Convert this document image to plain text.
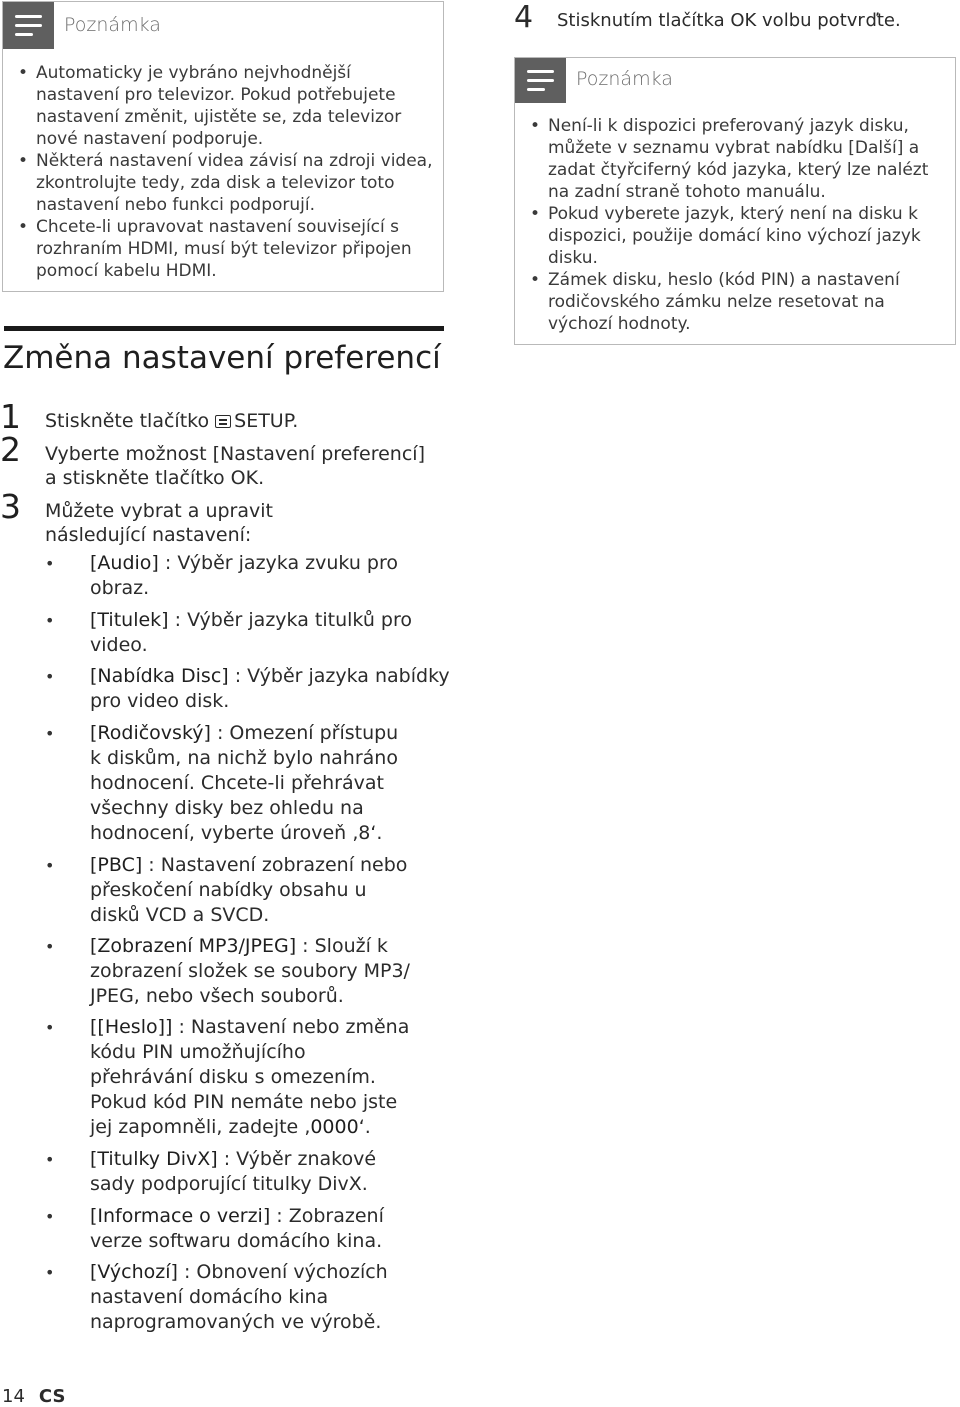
Poznámka
• Automaticky je vybráno nejvhodnější nastavení pro televizor. Pokud potřebujete nastavení změnit, ujistěte se, zda televizor nové nastavení podporuje.
• Některá nastavení videa závisí na zdroji videa, zkontrolujte tedy, zda disk a televizor toto nastavení nebo funkci podporují.
• Chcete-li upravovat nastavení související s rozhraním HDMI, musí být televizor připojen pomocí kabelu HDMI.
Změna nastavení preferencí
1 Stiskněte tlačítko SETUP.
2 Vyberte možnost [Nastavení preferencí] a stiskněte tlačítko OK.
3 Můžete vybrat a upravit následující nastavení:
• [Audio] : Výběr jazyka zvuku pro obraz.
• [Titulek] : Výběr jazyka titulků pro video.
• [Nabídka Disc] : Výběr jazyka nabídky pro video disk.
• [Rodičovský] : Omezení přístupu k diskům, na nichž bylo nahráno hodnocení. Chcete-li přehrávat všechny disky bez ohledu na hodnocení, vyberte úroveň ‚8‘.
• [PBC] : Nastavení zobrazení nebo přeskočení nabídky obsahu u disků VCD a SVCD.
• [Zobrazení MP3/JPEG] : Slouží k zobrazení složek se soubory MP3/ JPEG, nebo všech souborů.
• [[Heslo]] : Nastavení nebo změna kódu PIN umožňujícího přehrávání disku s omezením. Pokud kód PIN nemáte nebo jste jej zapomněli, zadejte ‚0000‘.
• [Titulky DivX] : Výběr znakové sady podporující titulky DivX.
• [Informace o verzi] : Zobrazení verze softwaru domácího kina.
• [Výchozí] : Obnovení výchozích nastavení domácího kina naprogramovaných ve výrobě.
4 Stisknutím tlačítka OK volbu potvrďte.
Poznámka
• Není-li k dispozici preferovaný jazyk disku, můžete v seznamu vybrat nabídku [Další] a zadat čtyřciferný kód jazyka, který lze nalézt na zadní straně tohoto manuálu.
• Pokud vyberete jazyk, který není na disku k dispozici, použije domácí kino výchozí jazyk disku.
• Zámek disku, heslo (kód PIN) a nastavení rodičovského zámku nelze resetovat na výchozí hodnoty.
14 CS
